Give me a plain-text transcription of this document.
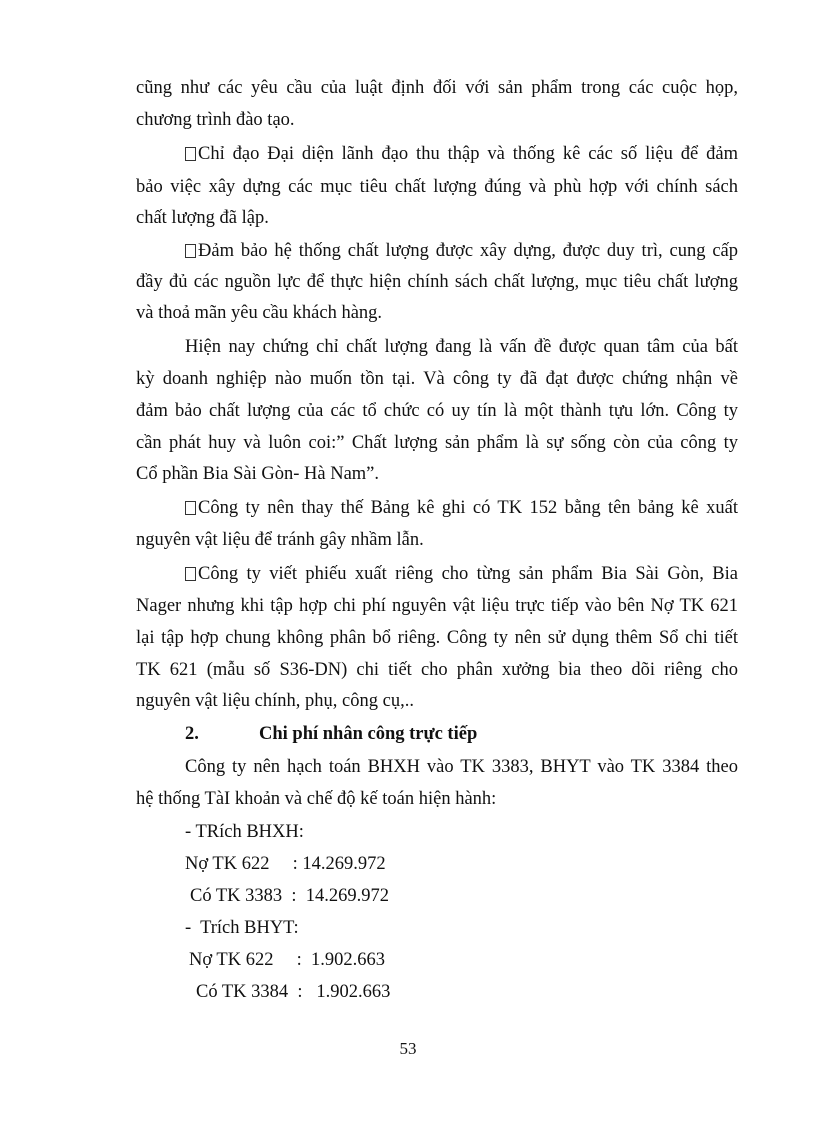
cũng như các yêu cầu của luật định đối với sản phẩm trong các cuộc họp,
chương trình đào tạo.
Chỉ đạo Đại diện lãnh đạo thu thập và thống kê các số liệu để đảm
bảo việc xây dựng các mục tiêu chất lượng đúng và phù hợp với chính sách
chất lượng đã lập.
Đảm bảo hệ thống chất lượng được xây dựng, được duy trì, cung cấp
đầy đủ các nguồn lực để thực hiện chính sách chất lượng, mục tiêu chất lượng
và thoả mãn yêu cầu khách hàng.
Hiện nay chứng chỉ chất lượng đang là vấn đề được quan tâm của bất
kỳ doanh nghiệp nào muốn tồn tại. Và công ty đã đạt được chứng nhận về
đảm bảo chất lượng của các tổ chức có uy tín là một thành tựu lớn. Công ty
cần phát huy và luôn coi:” Chất lượng sản phẩm là sự sống còn của công ty
Cổ phần Bia Sài Gòn- Hà Nam”.
Công ty nên thay thế Bảng kê ghi có TK 152 bằng tên bảng kê xuất
nguyên vật liệu để tránh gây nhầm lẫn.
Công ty viết phiếu xuất riêng cho từng sản phẩm Bia Sài Gòn, Bia
Nager nhưng khi tập hợp chi phí nguyên vật liệu trực tiếp vào bên Nợ TK 621
lại tập hợp chung không phân bổ riêng. Công ty nên sử dụng thêm Sổ chi tiết
TK 621 (mẫu số S36-DN) chi tiết cho phân xưởng bia theo dõi riêng cho
nguyên vật liệu chính, phụ, công cụ,..
2.	Chi phí nhân công trực tiếp
Công ty nên hạch toán BHXH vào TK 3383, BHYT vào TK 3384 theo
hệ thống TàI khoản và chế độ kế toán hiện hành:
- TRích BHXH:
Nợ TK 622     : 14.269.972
Có TK 3383  :  14.269.972
-  Trích BHYT:
Nợ TK 622     :  1.902.663
Có TK 3384  :   1.902.663
53
